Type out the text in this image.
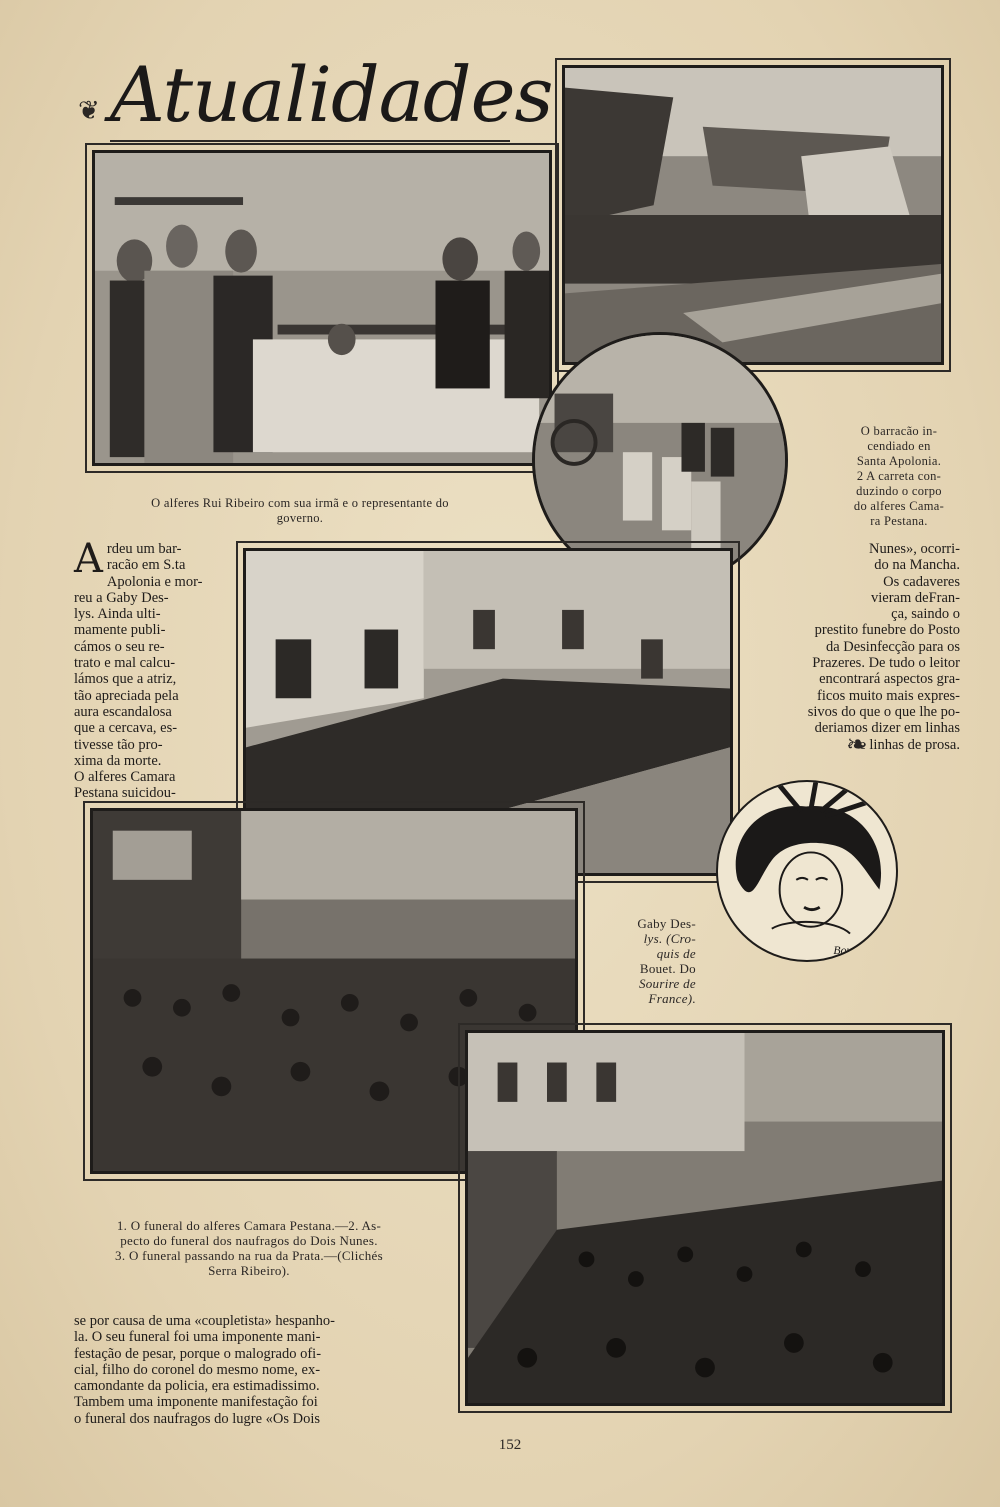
Atualidades
❦
O alferes Rui Ribeiro com sua irmã e o representante do
governo.
O barracão in-
cendiado en
Santa Apolonia.
2 A carreta con-
duzindo o corpo
do alferes Cama-
ra Pestana.
A rdeu um bar-
racão em S.ta
Apolonia e mor-
reu a Gaby Des-
lys. Ainda ulti-
mamente publi-
cámos o seu re-
trato e mal calcu-
lámos que a atriz,
tão apreciada pela
aura escandalosa
que a cercava, es-
tivesse tão pro-
xima da morte.
O alferes Camara
Pestana suicidou-
Nunes», ocorri-
do na Mancha.
Os cadaveres
vieram deFran-
ça, saindo o
prestito funebre do Posto
da Desinfecção para os
Prazeres. De tudo o leitor
encontrará aspectos gra-
ficos muito mais expres-
sivos do que o que lhe po-
deriamos dizer em linhas
e linhas de prosa.
❧
Bouet
Gaby Des-
lys. (Cro-
quis de
Bouet. Do
Sourire de
France).
1. O funeral do alferes Camara Pestana.—2. As-
pecto do funeral dos naufragos do Dois Nunes.
3. O funeral passando na rua da Prata.—(Clichés
Serra Ribeiro).
se por causa de uma «coupletista» hespanho-
la. O seu funeral foi uma imponente mani-
festação de pesar, porque o malogrado ofi-
cial, filho do coronel do mesmo nome, ex-
camondante da policia, era estimadissimo.
Tambem uma imponente manifestação foi
o funeral dos naufragos do lugre «Os Dois
152
